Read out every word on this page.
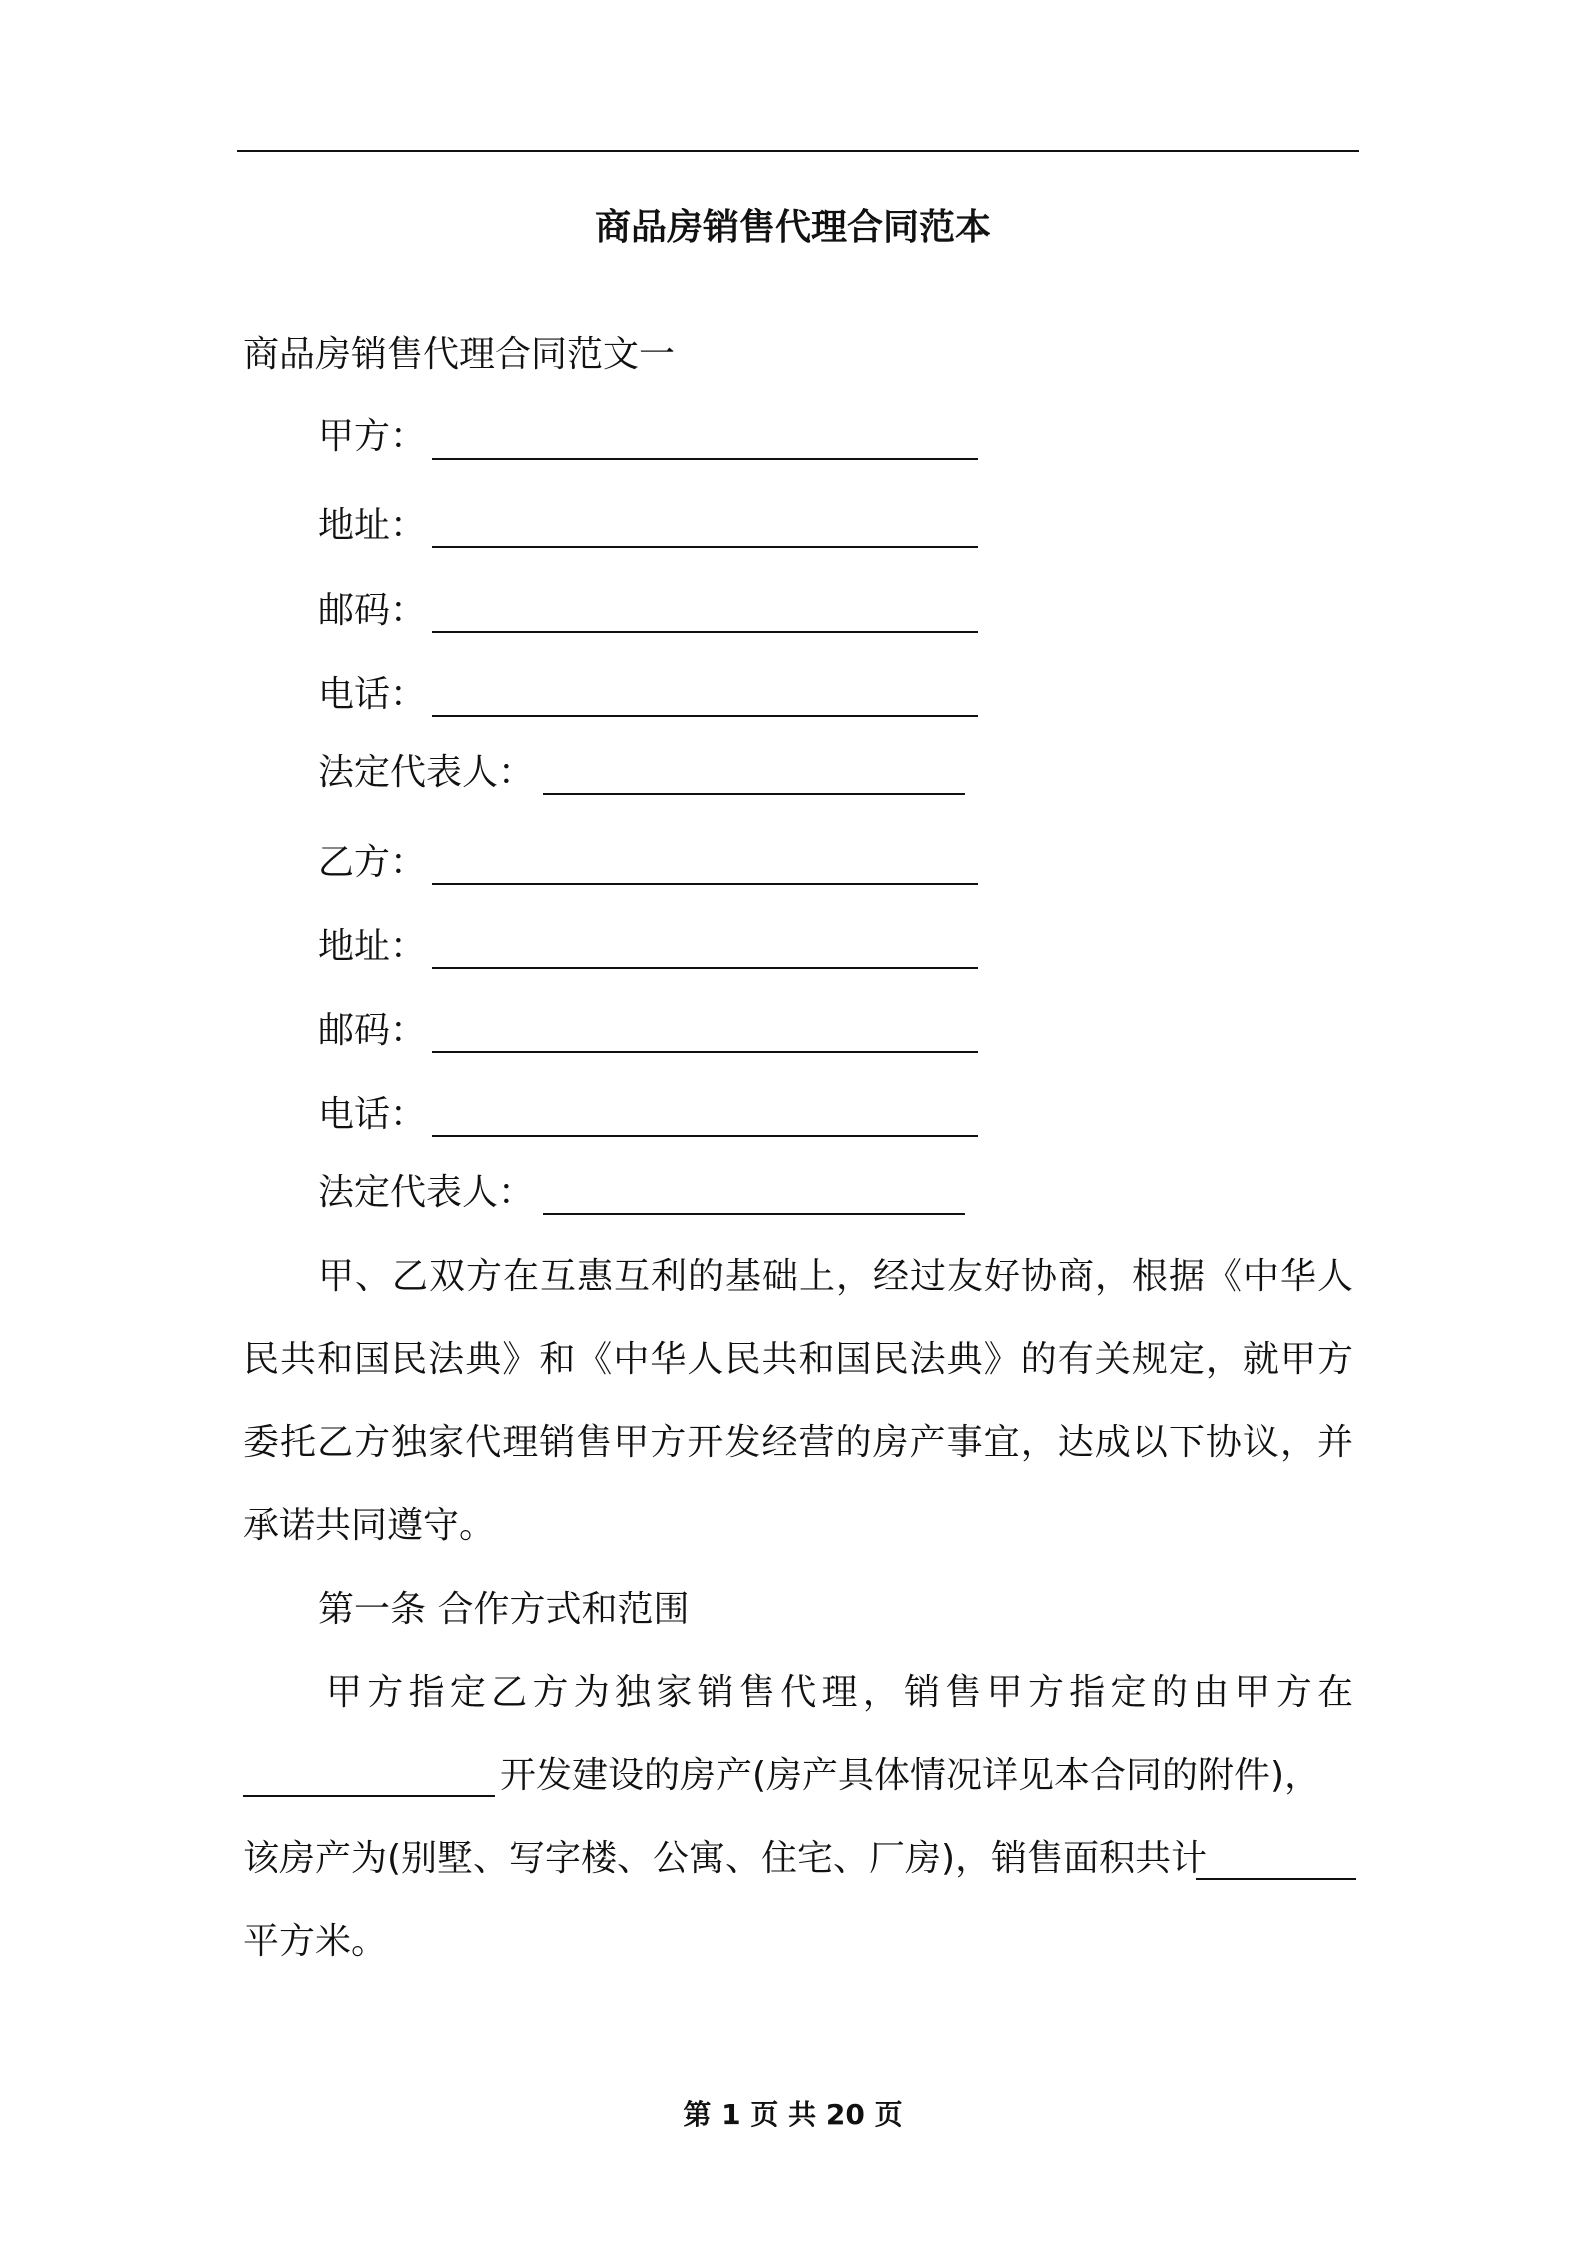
商品房销售代理合同范本
商品房销售代理合同范文一
甲方：
地址：
邮码：
电话：
法定代表人：
乙方：
地址：
邮码：
电话：
法定代表人：
甲、乙双方在互惠互利的基础上，经过友好协商，根据《中华人
民共和国民法典》和《中华人民共和国民法典》的有关规定，就甲方
委托乙方独家代理销售甲方开发经营的房产事宜，达成以下协议，并
承诺共同遵守。
第一条 合作方式和范围
甲方指定乙方为独家销售代理，销售甲方指定的由甲方在
开发建设的房产(房产具体情况详见本合同的附件)，
该房产为(别墅、写字楼、公寓、住宅、厂房)，销售面积共计
平方米。
第 1 页 共 20 页
